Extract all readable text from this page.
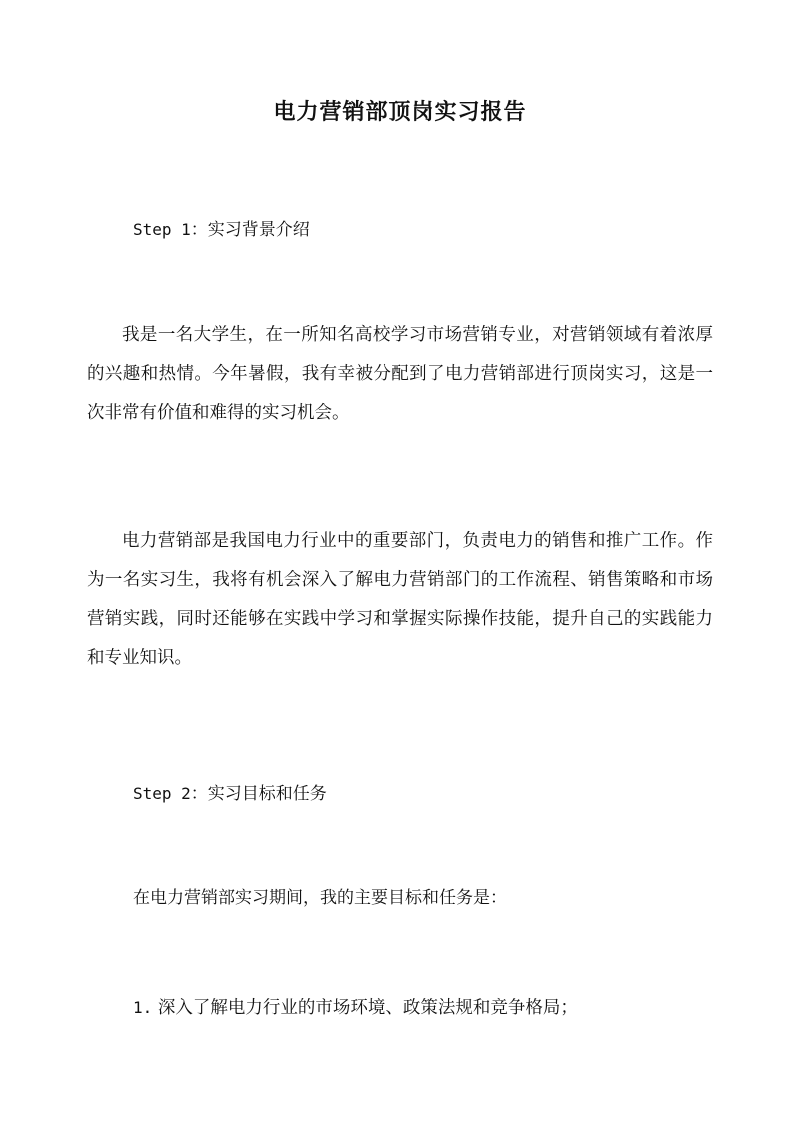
电力营销部顶岗实习报告
Step 1：实习背景介绍
我是一名大学生，在一所知名高校学习市场营销专业，对营销领域有着浓厚的兴趣和热情。今年暑假，我有幸被分配到了电力营销部进行顶岗实习，这是一次非常有价值和难得的实习机会。
电力营销部是我国电力行业中的重要部门，负责电力的销售和推广工作。作为一名实习生，我将有机会深入了解电力营销部门的工作流程、销售策略和市场营销实践，同时还能够在实践中学习和掌握实际操作技能，提升自己的实践能力和专业知识。
Step 2：实习目标和任务
在电力营销部实习期间，我的主要目标和任务是：
1. 深入了解电力行业的市场环境、政策法规和竞争格局；
